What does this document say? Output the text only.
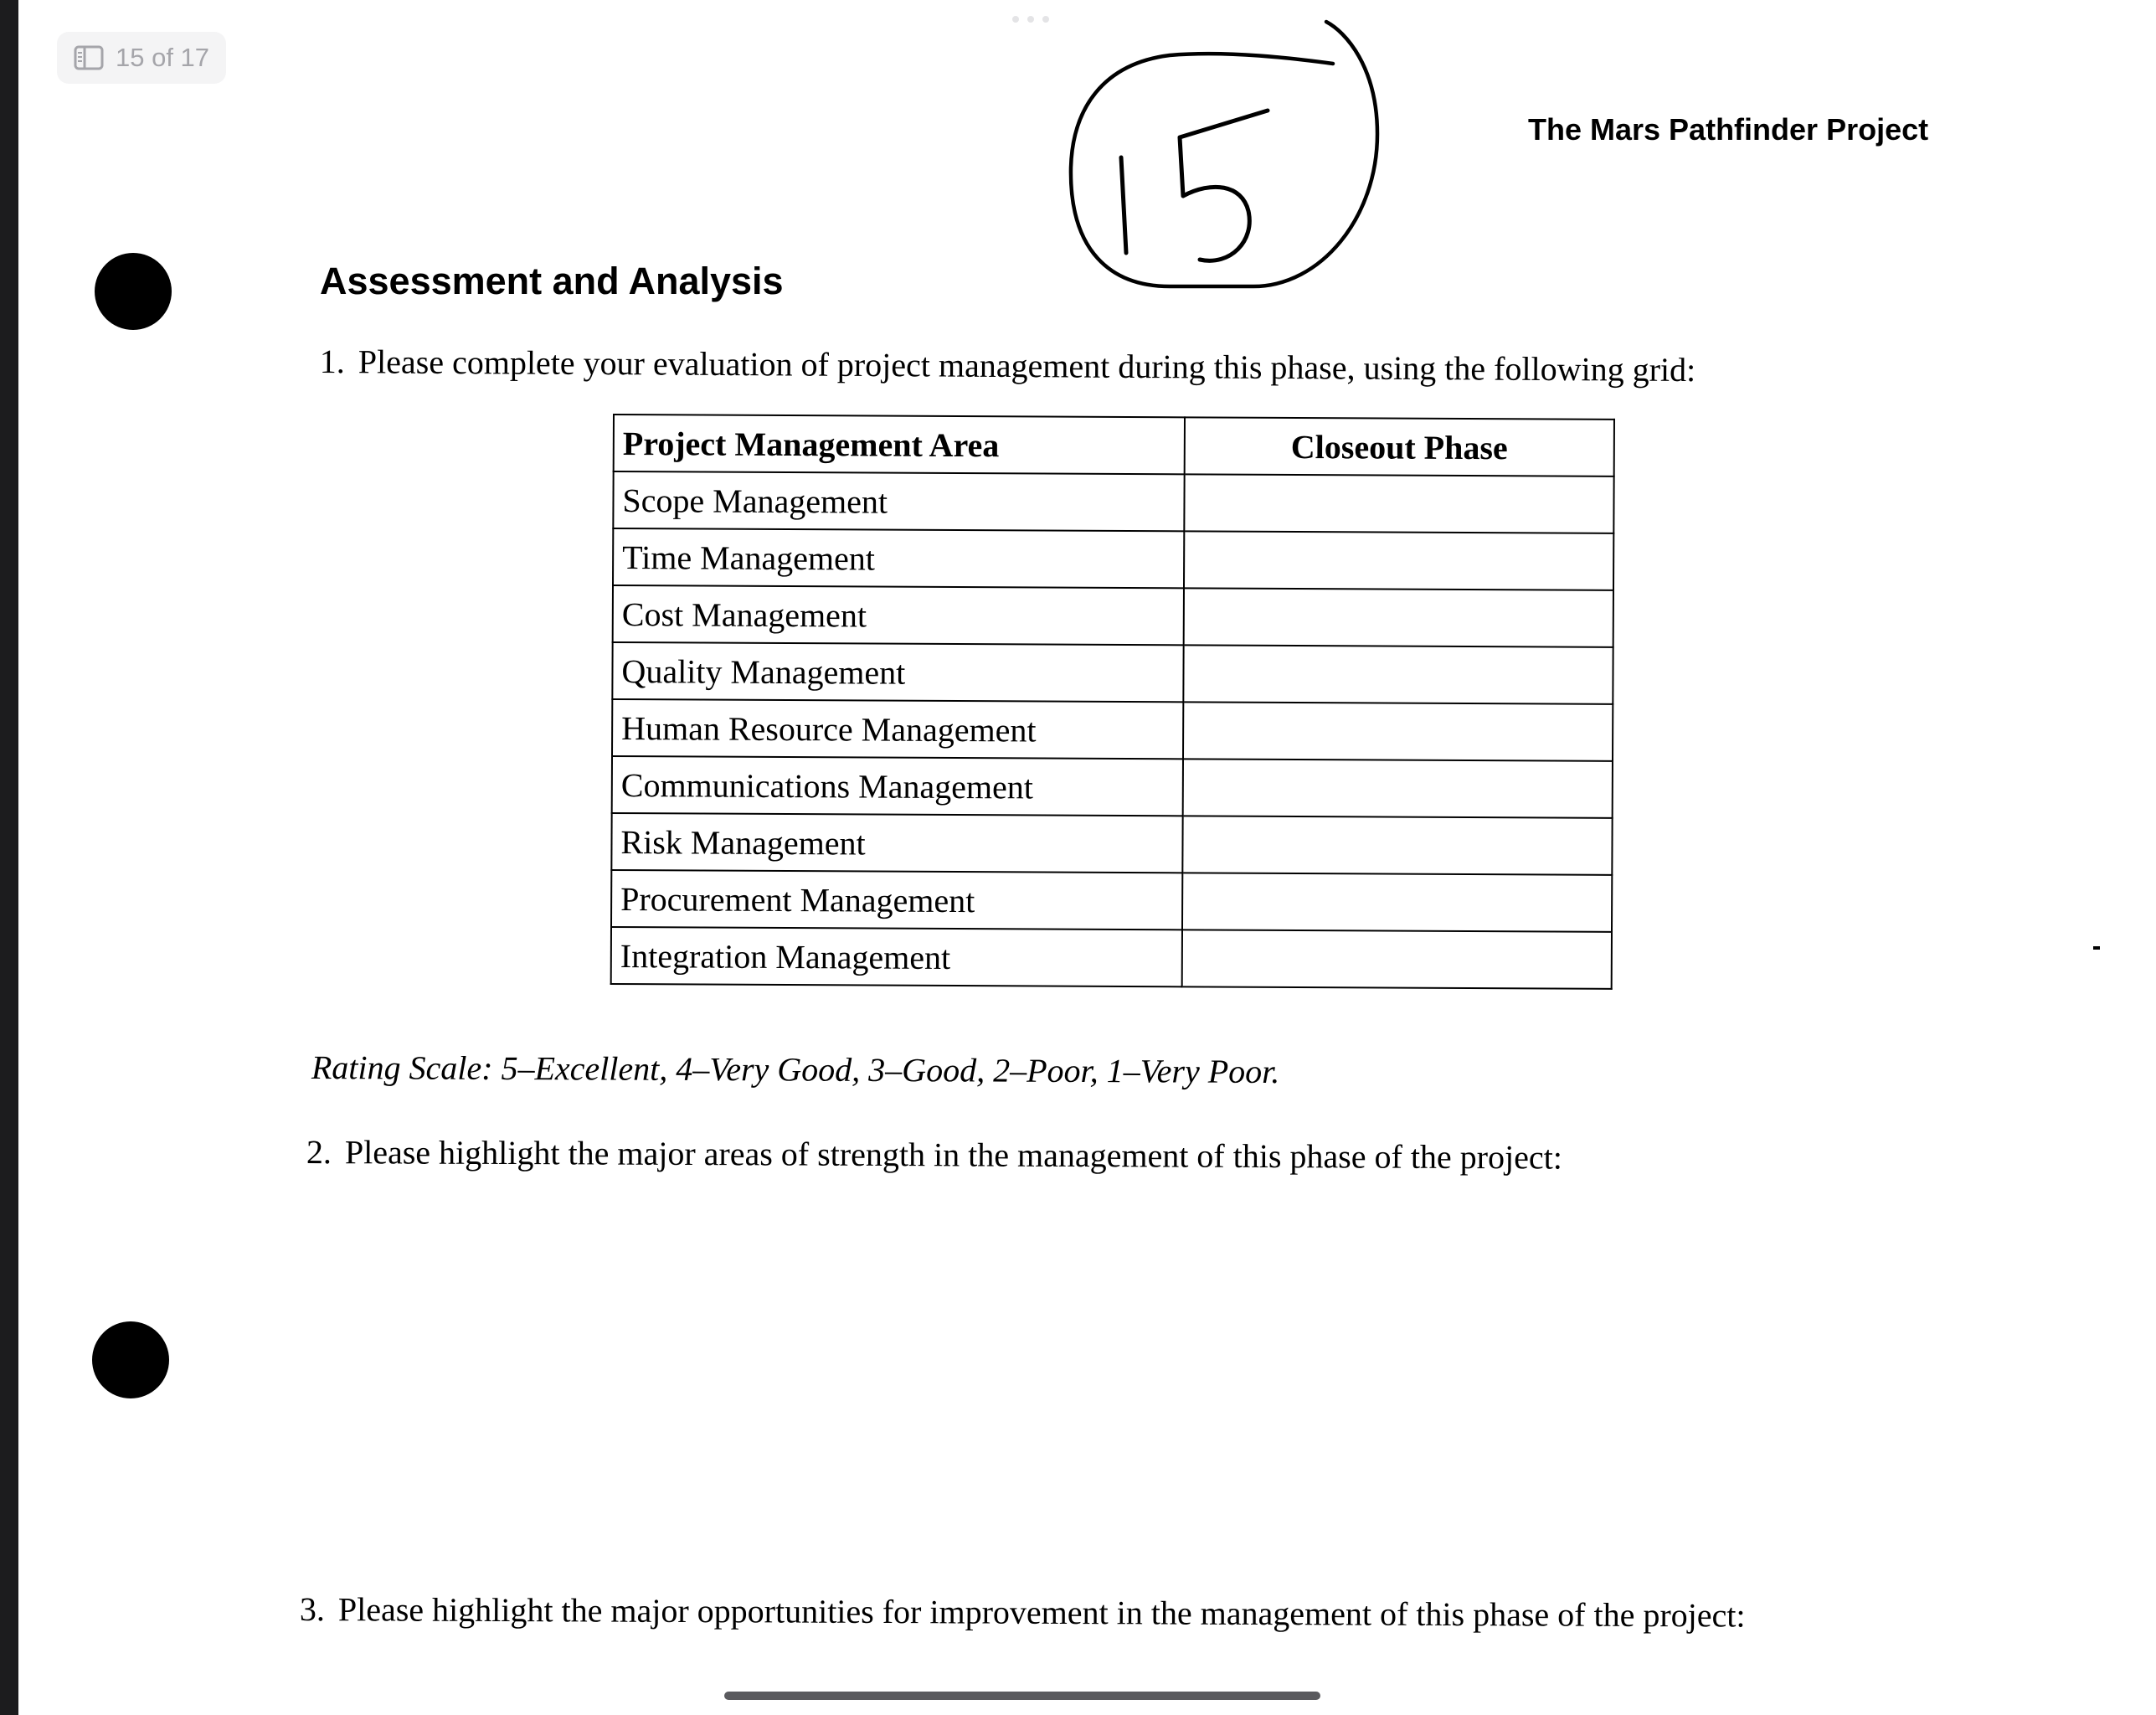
15 of 17
The Mars Pathfinder Project
Assessment and Analysis
1. Please complete your evaluation of project management during this phase, using the following grid:
Project Management Area	Closeout Phase
Scope Management	
Time Management	
Cost Management	
Quality Management	
Human Resource Management	
Communications Management	
Risk Management	
Procurement Management	
Integration Management	
Rating Scale: 5–Excellent, 4–Very Good, 3–Good, 2–Poor, 1–Very Poor.
2. Please highlight the major areas of strength in the management of this phase of the project:
3. Please highlight the major opportunities for improvement in the management of this phase of the project:
